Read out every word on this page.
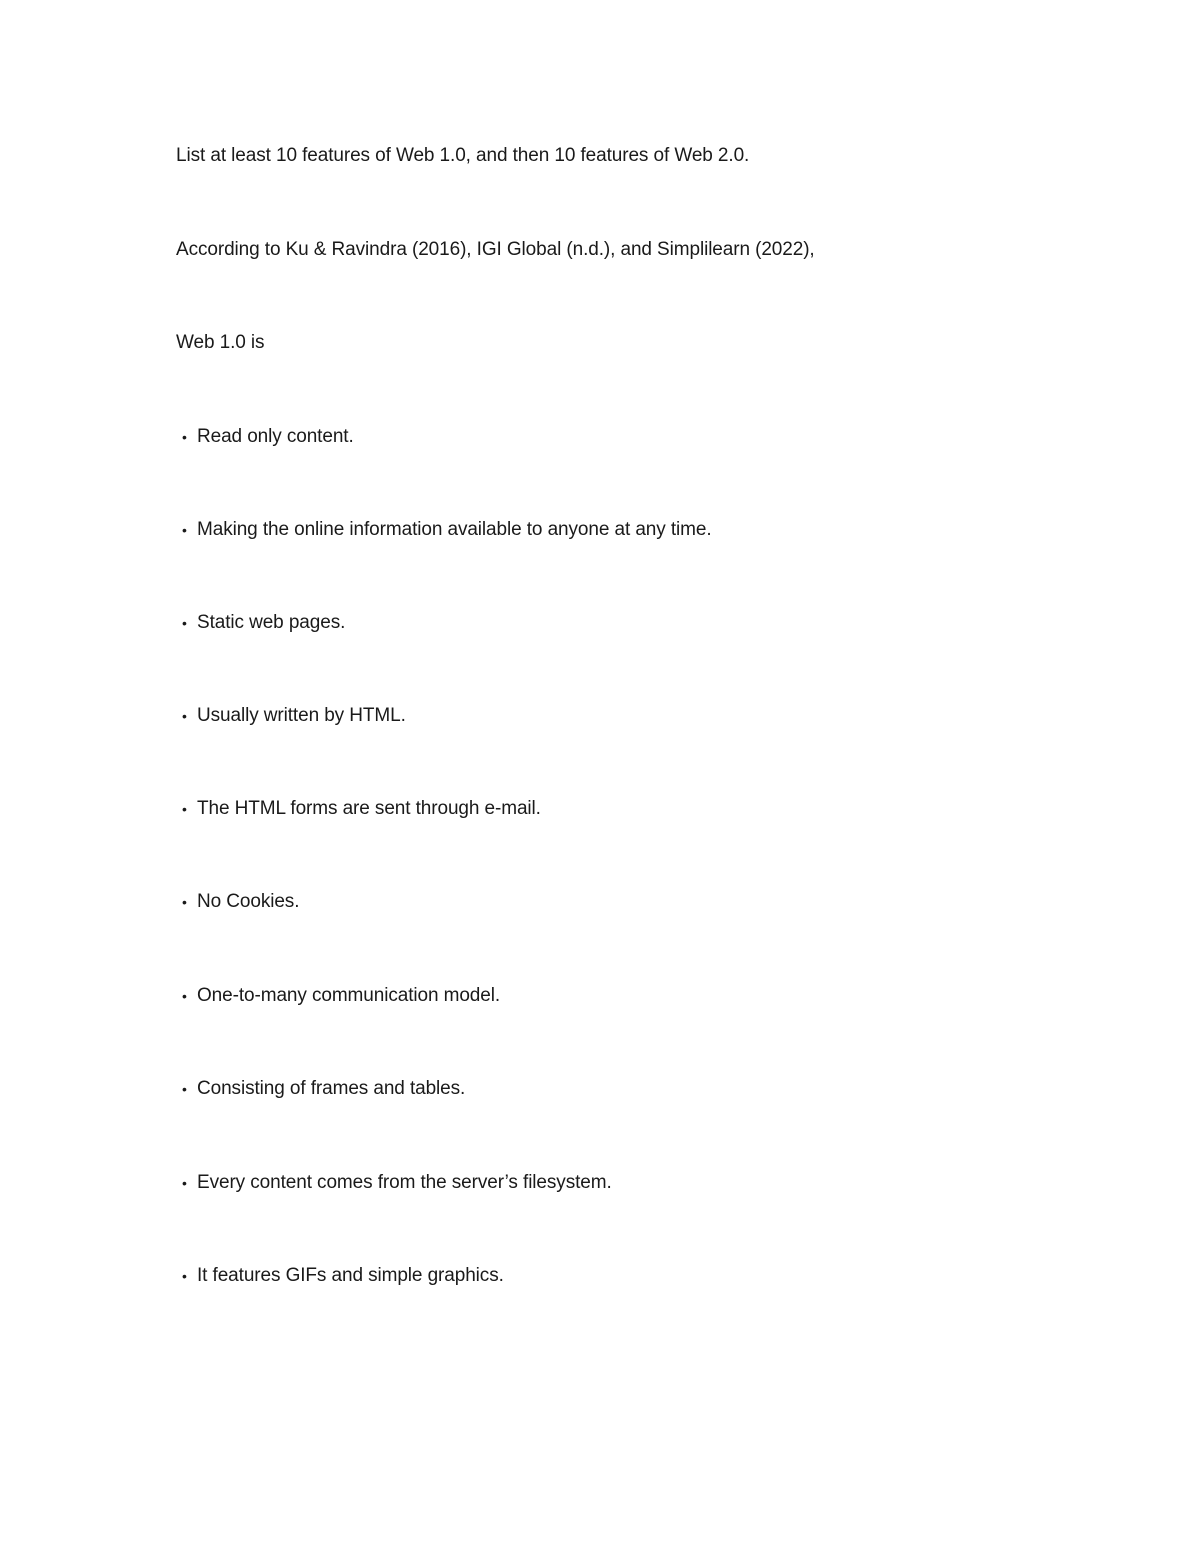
List at least 10 features of Web 1.0, and then 10 features of Web 2.0.
According to Ku & Ravindra (2016), IGI Global (n.d.), and Simplilearn (2022),
Web 1.0 is
• Read only content.
• Making the online information available to anyone at any time.
• Static web pages.
• Usually written by HTML.
• The HTML forms are sent through e-mail.
• No Cookies.
• One-to-many communication model.
• Consisting of frames and tables.
• Every content comes from the server’s filesystem.
• It features GIFs and simple graphics.
